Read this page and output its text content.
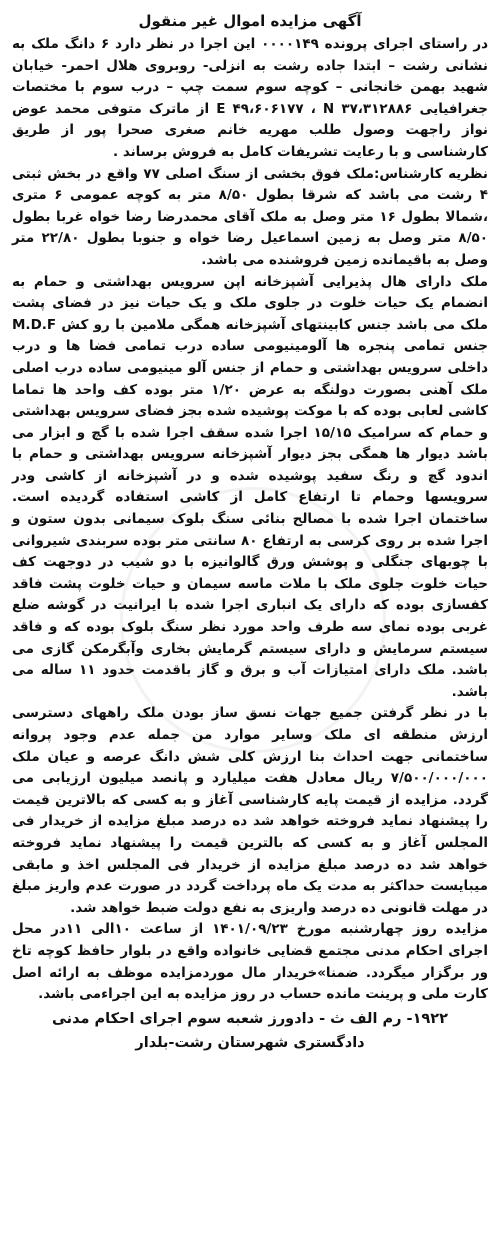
آگهی مزایده اموال غیر منقول

در راستای اجرای پرونده ۰۰۰۰۱۴۹ این اجرا در نظر دارد ۶ دانگ ملک به نشانی رشت – ابتدا جاده رشت به انزلی- روبروی هلال احمر- خیابان شهید بهمن خانجانی – کوچه سوم سمت چپ – درب سوم با مختصات جغرافیایی E ۴۹،۶۰۶۱۷۷ ، N ۳۷،۳۱۲۸۸۶ از ماترک متوفی محمد عوض نواز راجهت وصول طلب مهریه خانم صغری صحرا پور از طریق کارشناسی و با رعایت تشریفات کامل به فروش برساند .

نظریه کارشناس:ملک فوق بخشی از سنگ اصلی ۷۷ واقع در بخش ثبتی ۴ رشت می باشد که شرقا بطول ۸/۵۰ متر به کوچه عمومی ۶ متری ،شمالا بطول ۱۶ متر وصل به ملک آقای محمدرضا رضا خواه غربا بطول ۸/۵۰ متر وصل به زمین اسماعیل رضا خواه و جنوبا بطول ۲۲/۸۰ متر وصل به باقیمانده زمین فروشنده می باشد.

ملک دارای هال پذیرایی آشپزخانه اپن سرویس بهداشتی و حمام به انضمام یک حیات خلوت در جلوی ملک و یک حیات نیز در فضای پشت ملک می باشد جنس کابینتهای آشپزخانه همگی ملامین با رو کش M.D.F جنس تمامی پنجره ها آلومینیومی ساده درب تمامی فضا ها و درب داخلی سرویس بهداشتی و حمام از جنس آلو مینیومی ساده درب اصلی ملک آهنی بصورت دولنگه به عرض ۱/۲۰ متر بوده کف واحد ها تماما کاشی لعابی بوده که با موکت پوشیده شده بجز فضای سرویس بهداشتی و حمام که سرامیک ۱۵/۱۵ اجرا شده سقف اجرا شده با گچ و ابزار می باشد دیوار ها همگی بجز دیوار آشپزخانه سرویس بهداشتی و حمام با اندود گچ و رنگ سفید پوشیده شده و در آشپزخانه از کاشی ودر سرویسها وحمام تا ارتفاع کامل از کاشی استفاده گردیده است. ساختمان اجرا شده با مصالح بنائی سنگ بلوک سیمانی بدون ستون و اجرا شده بر روی کرسی به ارتفاع ۸۰ سانتی متر بوده سربندی شیروانی با چوبهای جنگلی و پوشش ورق گالوانیزه با دو شیب در دوجهت کف حیات خلوت جلوی ملک با ملات ماسه سیمان و حیات خلوت پشت فاقد کفسازی بوده که دارای یک انباری اجرا شده با ایرانیت در گوشه ضلع غربی بوده نمای سه طرف واحد مورد نظر سنگ بلوک بوده که و فاقد سیستم سرمایش و دارای سیستم گرمایش بخاری وآبگرمکن گازی می باشد. ملک دارای امتیازات آب و برق و گاز باقدمت حدود ۱۱ ساله می باشد.

با در نظر گرفتن جمیع جهات نسق ساز بودن ملک راههای دسترسی ارزش منطقه ای ملک وسایر موارد من جمله عدم وجود پروانه ساختمانی جهت احداث بنا ارزش کلی شش دانگ عرصه و عیان ملک ۷/۵۰۰/۰۰۰/۰۰۰ ریال معادل هفت میلیارد و پانصد میلیون ارزیابی می گردد. مزایده از قیمت پایه کارشناسی آغاز و به کسی که بالاترین قیمت را پیشنهاد نماید فروخته خواهد شد ده درصد مبلغ مزایده از خریدار فی المجلس آغاز و به کسی که بالترین قیمت را پیشنهاد نماید فروخته خواهد شد ده درصد مبلغ مزایده از خریدار فی المجلس اخذ و مابقی میبایست حداکثر به مدت یک ماه پرداخت گردد در صورت عدم واریز مبلغ در مهلت قانونی ده درصد واریزی به نفع دولت ضبط خواهد شد.

مزایده روز چهارشنبه مورخ ۱۴۰۱/۰۹/۲۳ از ساعت ۱۰الی ۱۱در محل اجرای احکام مدنی مجتمع قضایی خانواده واقع در بلوار حافظ کوچه تاخ ور برگزار میگردد. ضمنا»خریدار مال موردمزایده موظف به ارائه اصل کارت ملی و پرینت مانده حساب در روز مزایده به این اجراءمی باشد.

۱۹۲۲- رم الف ث - دادورز شعبه سوم اجرای احکام مدنی
دادگستری شهرستان رشت-بلدار
